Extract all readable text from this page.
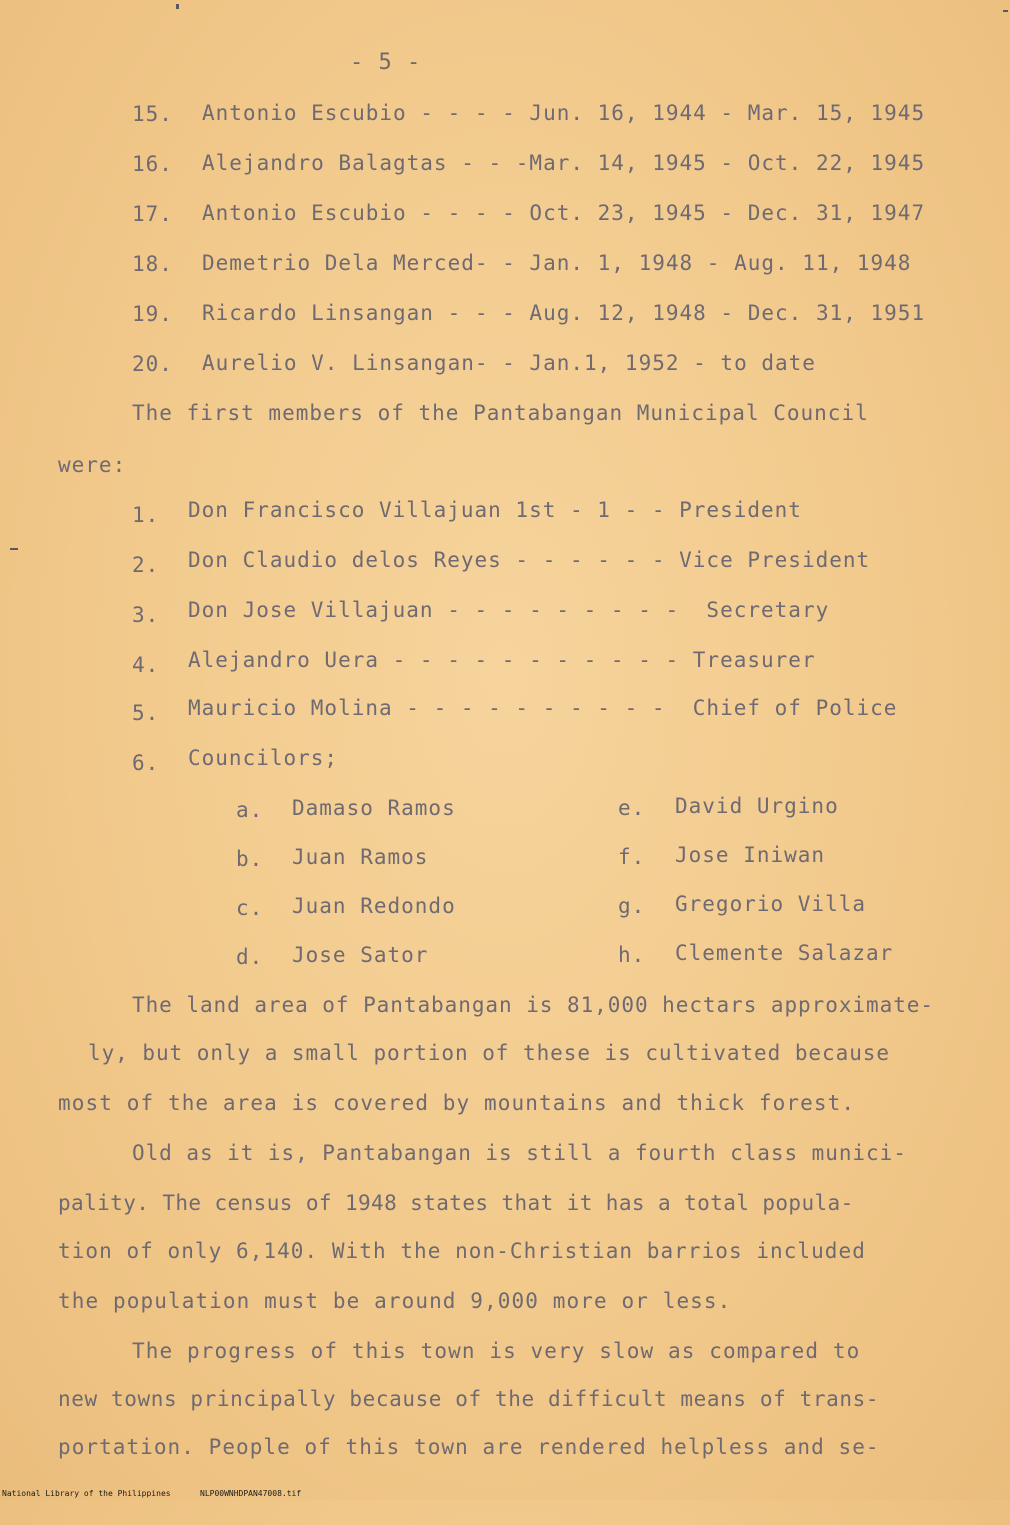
- 5 -
15. Antonio Escubio - - - - Jun. 16, 1944 - Mar. 15, 1945
16. Alejandro Balagtas - - -Mar. 14, 1945 - Oct. 22, 1945
17. Antonio Escubio - - - - Oct. 23, 1945 - Dec. 31, 1947
18. Demetrio Dela Merced- - Jan. 1, 1948 - Aug. 11, 1948
19. Ricardo Linsangan - - - Aug. 12, 1948 - Dec. 31, 1951
20. Aurelio V. Linsangan- - Jan.1, 1952 - to date
The first members of the Pantabangan Municipal Council
were:
1. Don Francisco Villajuan 1st - 1 - - President
2. Don Claudio delos Reyes - - - - - - Vice President
3. Don Jose Villajuan - - - - - - - - -  Secretary
4. Alejandro Uera - - - - - - - - - - - Treasurer
5. Mauricio Molina - - - - - - - - - -  Chief of Police
6. Councilors;
a. Damaso Ramos
b. Juan Ramos
c. Juan Redondo
d. Jose Sator
e. David Urgino
f. Jose Iniwan
g. Gregorio Villa
h. Clemente Salazar
The land area of Pantabangan is 81,000 hectars approximate-
ly, but only a small portion of these is cultivated because
most of the area is covered by mountains and thick forest.
Old as it is, Pantabangan is still a fourth class munici-
pality. The census of 1948 states that it has a total popula-
tion of only 6,140. With the non-Christian barrios included
the population must be around 9,000 more or less.
The progress of this town is very slow as compared to
new towns principally because of the difficult means of trans-
portation. People of this town are rendered helpless and se-

National Library of the Philippines

	NLP00WNHDPAN47008.tif
